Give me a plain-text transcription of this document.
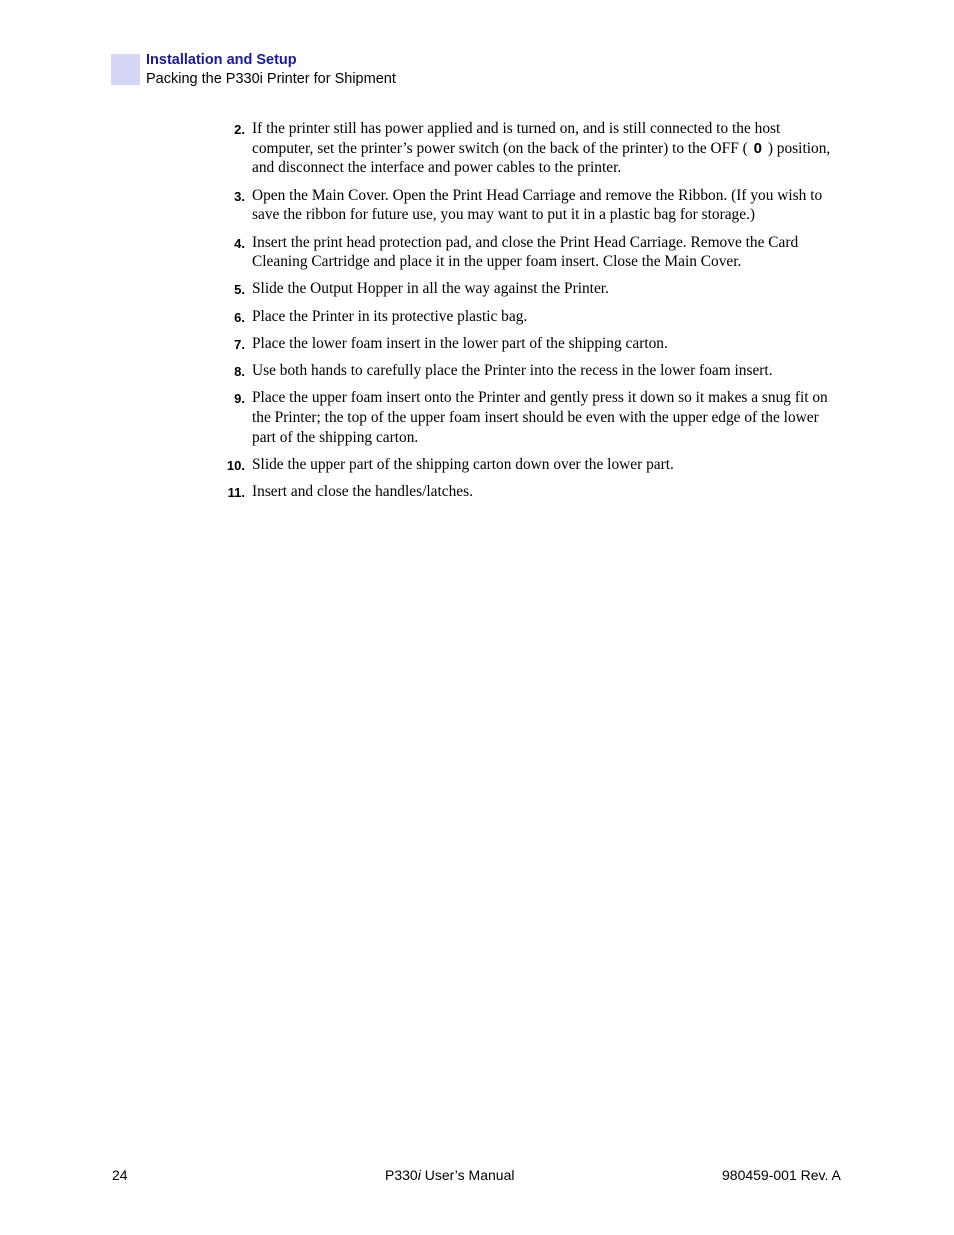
Installation and Setup
Packing the P330i Printer for Shipment
2. If the printer still has power applied and is turned on, and is still connected to the host computer, set the printer’s power switch (on the back of the printer) to the OFF ( 0 ) position, and disconnect the interface and power cables to the printer.
3. Open the Main Cover. Open the Print Head Carriage and remove the Ribbon. (If you wish to save the ribbon for future use, you may want to put it in a plastic bag for storage.)
4. Insert the print head protection pad, and close the Print Head Carriage. Remove the Card Cleaning Cartridge and place it in the upper foam insert. Close the Main Cover.
5. Slide the Output Hopper in all the way against the Printer.
6. Place the Printer in its protective plastic bag.
7. Place the lower foam insert in the lower part of the shipping carton.
8. Use both hands to carefully place the Printer into the recess in the lower foam insert.
9. Place the upper foam insert onto the Printer and gently press it down so it makes a snug fit on the Printer; the top of the upper foam insert should be even with the upper edge of the lower part of the shipping carton.
10. Slide the upper part of the shipping carton down over the lower part.
11. Insert and close the handles/latches.
24	P330i User’s Manual	980459-001 Rev. A
